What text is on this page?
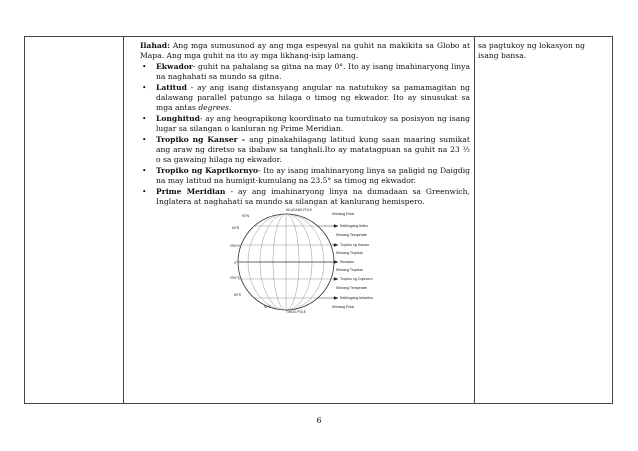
Ilahad: Ang mga sumusunod ay ang mga espesyal na guhit na makikita sa Globo at Mapa. Ang mga guhit na ito ay mga likhang-isip lamang.
• Ekwador- guhit na pahalang sa gitna na may 0°. Ito ay isang imahinaryong linya na naghahati sa mundo sa gitna.
• Latitud - ay ang isang distansyang angular na natutukoy sa pamamagitan ng dalawang parallel patungo sa hilaga o timog ng ekwador. Ito ay sinusukat sa mga antas degrees.
• Longhitud- ay ang heograpikong koordinato na tumutukoy sa posisyon ng isang lugar sa silangan o kanluran ng Prime Meridian.
• Tropiko ng Kanser – ang pinakahilagang latitud kung saan maaring sumikat ang araw ng diretso sa ibabaw sa tanghali.Ito ay matatagpuan sa guhit na 23 ½ o sa gawaing hilaga ng ekwador.
• Tropiko ng Kaprikornyo- Ito ay isang imahinaryong linya sa paligid ng Daigdig na may latitud na humigit-kumulang na 23.5° sa timog ng ekwador.
• Prime Meridian - ay ang imahinaryong linya na dumadaan sa Greenwich, Inglatera at naghahati sa mundo sa silangan at kanlurang hemispero.
sa pagtukoy ng lokasyon ng isang bansa.
HILAGANG POLE
TIMOG POLE
90°N
60°N
23½°N
0°
23½°S
60°S
90°S
Klimang Polar
Kabilugang Artiko
Klimang Temperate
Tropiko ng Kanser
Klimang Tropikal
Ekwador
Klimang Tropikal
Tropiko ng Caprcorn
Klimang Temperate
Kabilugang Antartiko
Klimang Polar
6
